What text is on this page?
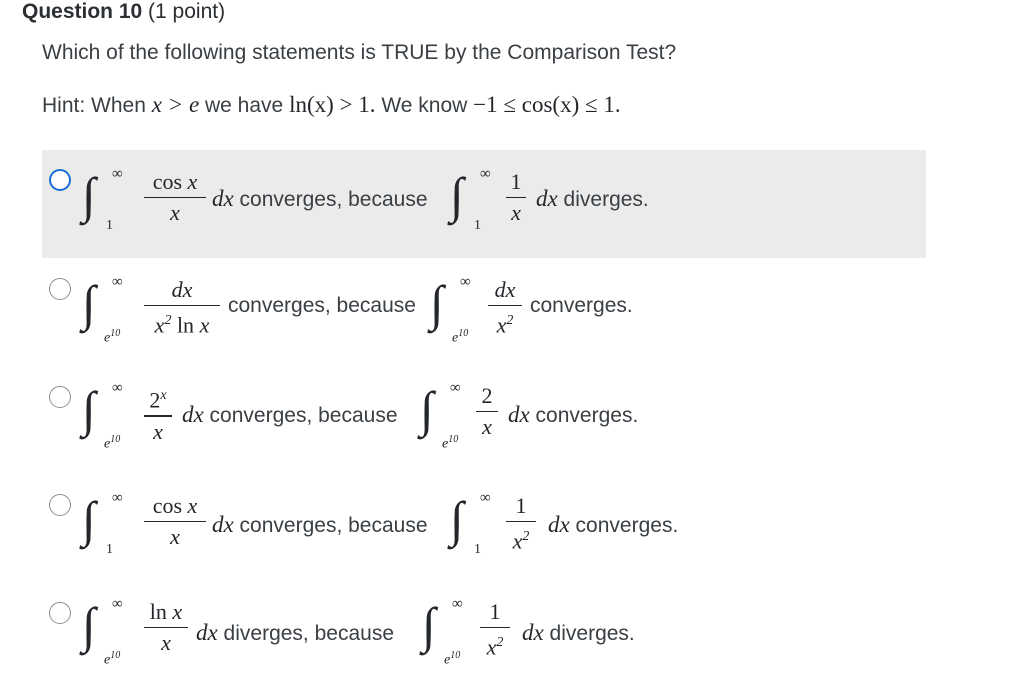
Question 10 (1 point)
Which of the following statements is TRUE by the Comparison Test?
Hint: When x > e we have ln(x) > 1. We know −1 ≤ cos(x) ≤ 1.
∫ ∞
1
cos x
x
dx converges, because ∫ ∞
1
1
x
dx diverges.
∫ ∞
$e^{10}$
dx
$x^2$ ln x
converges, because ∫ ∞
$e^{10}$
dx
$x^2$
converges.
∫ ∞
$e^{10}$
2$^x$
x
dx converges, because ∫ ∞
$e^{10}$
2
x dx converges.
∫ ∞
1
cos x
x	dx converges, because ∫ ∞
1
1
$x^2$ dx converges.
∫ ∞
$e^{10}$
ln x
x	dx diverges, because ∫ ∞
$e^{10}$
1
$x^2$ dx diverges.
